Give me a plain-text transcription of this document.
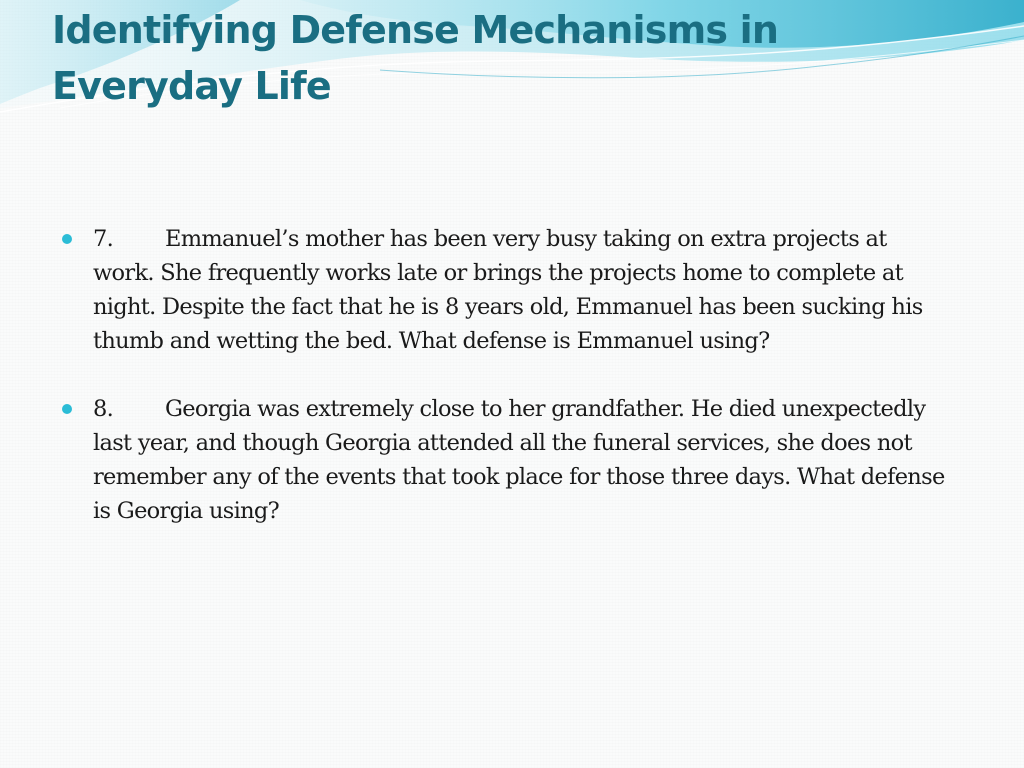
Identifying Defense Mechanisms in Everyday Life
7. Emmanuel’s mother has been very busy taking on extra projects at work. She frequently works late or brings the projects home to complete at night. Despite the fact that he is 8 years old, Emmanuel has been sucking his thumb and wetting the bed. What defense is Emmanuel using?
8. Georgia was extremely close to her grandfather. He died unexpectedly last year, and though Georgia attended all the funeral services, she does not remember any of the events that took place for those three days. What defense is Georgia using?
